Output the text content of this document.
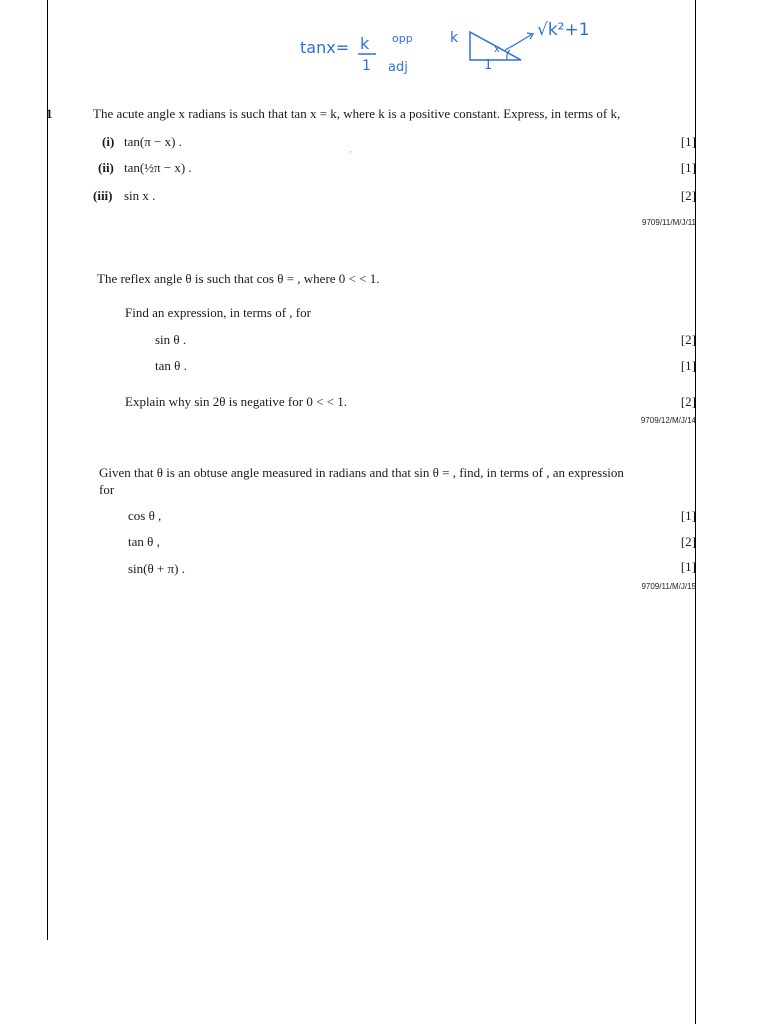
tanx= k
1
opp
adj
k
1
x
√k²+1
·
1	The acute angle x radians is such that tan x = k, where k is a positive constant. Express, in terms of k,
(i) tan(π − x) .	[1]
(ii) tan(½π − x) .	[1]
(iii) sin x .	[2]
9709/11/M/J/11
The reflex angle θ is such that cos θ = , where 0 < < 1.
Find an expression, in terms of , for
sin θ .	[2]
tan θ .	[1]
Explain why sin 2θ is negative for 0 < < 1.	[2]
9709/12/M/J/14
Given that θ is an obtuse angle measured in radians and that sin θ = , find, in terms of , an expression
for
cos θ ,	[1]
tan θ ,	[2]
sin(θ + π) .	[1]
9709/11/M/J/15
